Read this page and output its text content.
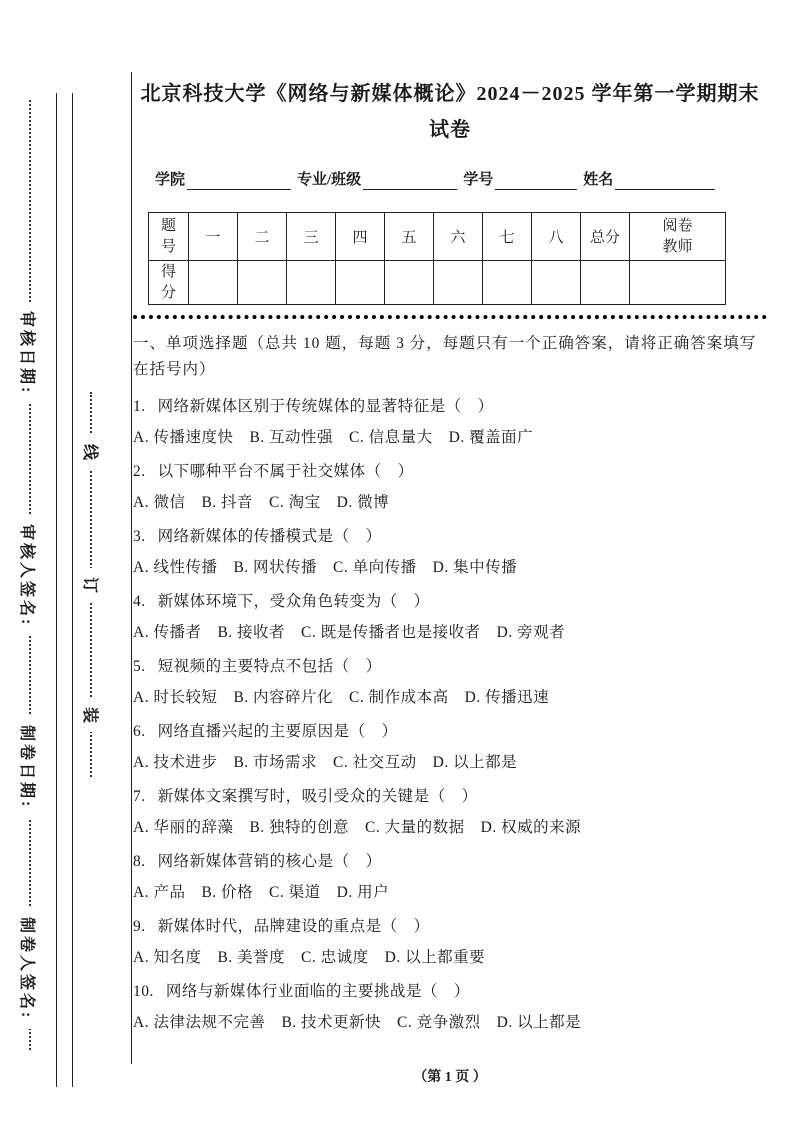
审核日期:
审核人签名:
制卷日期:
制卷人签名:
线
订
装
北京科技大学《网络与新媒体概论》2024－2025 学年第一学期期末试卷
学院	专业/班级	学号	姓名
题号	一	二	三	四	五	六	七	八	总分	阅卷教师
得分										
一、单项选择题（总共 10 题，每题 3 分，每题只有一个正确答案，请将正确答案填写在括号内）
1. 网络新媒体区别于传统媒体的显著特征是（　）
A. 传播速度快　B. 互动性强　C. 信息量大　D. 覆盖面广
2. 以下哪种平台不属于社交媒体（　）
A. 微信　B. 抖音　C. 淘宝　D. 微博
3. 网络新媒体的传播模式是（　）
A. 线性传播　B. 网状传播　C. 单向传播　D. 集中传播
4. 新媒体环境下，受众角色转变为（　）
A. 传播者　B. 接收者　C. 既是传播者也是接收者　D. 旁观者
5. 短视频的主要特点不包括（　）
A. 时长较短　B. 内容碎片化　C. 制作成本高　D. 传播迅速
6. 网络直播兴起的主要原因是（　）
A. 技术进步　B. 市场需求　C. 社交互动　D. 以上都是
7. 新媒体文案撰写时，吸引受众的关键是（　）
A. 华丽的辞藻　B. 独特的创意　C. 大量的数据　D. 权威的来源
8. 网络新媒体营销的核心是（　）
A. 产品　B. 价格　C. 渠道　D. 用户
9. 新媒体时代，品牌建设的重点是（　）
A. 知名度　B. 美誉度　C. 忠诚度　D. 以上都重要
10. 网络与新媒体行业面临的主要挑战是（　）
A. 法律法规不完善　B. 技术更新快　C. 竞争激烈　D. 以上都是
（第 1 页 ）
